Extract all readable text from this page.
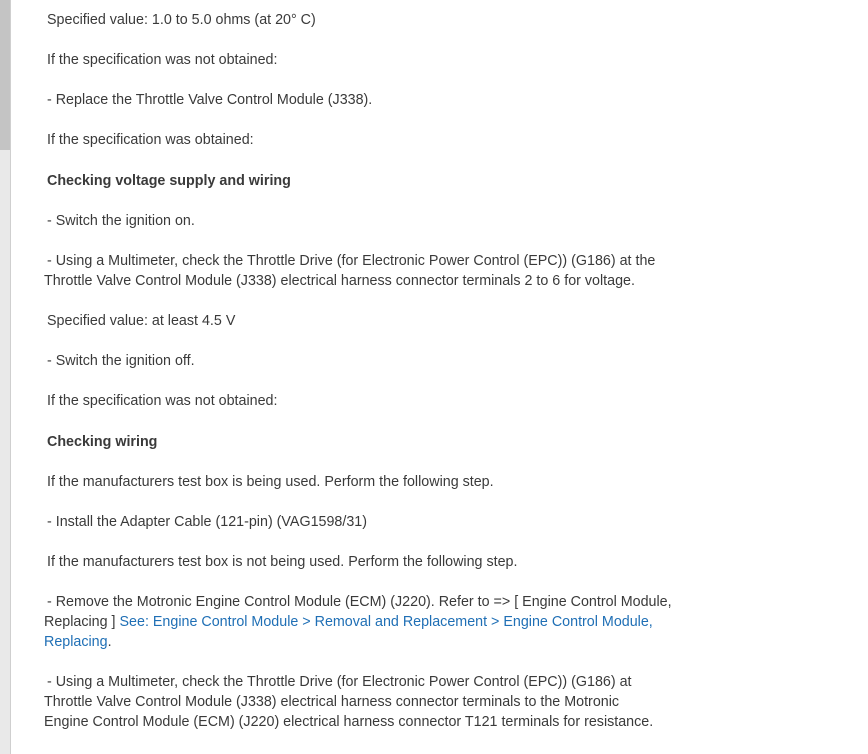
Specified value: 1.0 to 5.0 ohms (at 20° C)

If the specification was not obtained:

- Replace the Throttle Valve Control Module (J338).

If the specification was obtained:

Checking voltage supply and wiring

- Switch the ignition on.

- Using a Multimeter, check the Throttle Drive (for Electronic Power Control (EPC)) (G186) at the
Throttle Valve Control Module (J338) electrical harness connector terminals 2 to 6 for voltage.

Specified value: at least 4.5 V

- Switch the ignition off.

If the specification was not obtained:

Checking wiring

If the manufacturers test box is being used. Perform the following step.

- Install the Adapter Cable (121-pin) (VAG1598/31)

If the manufacturers test box is not being used. Perform the following step.

- Remove the Motronic Engine Control Module (ECM) (J220). Refer to => [ Engine Control Module,
Replacing ] See: Engine Control Module > Removal and Replacement > Engine Control Module,
Replacing.
- Using a Multimeter, check the Throttle Drive (for Electronic Power Control (EPC)) (G186) at
Throttle Valve Control Module (J338) electrical harness connector terminals to the Motronic
Engine Control Module (ECM) (J220) electrical harness connector T121 terminals for resistance.
